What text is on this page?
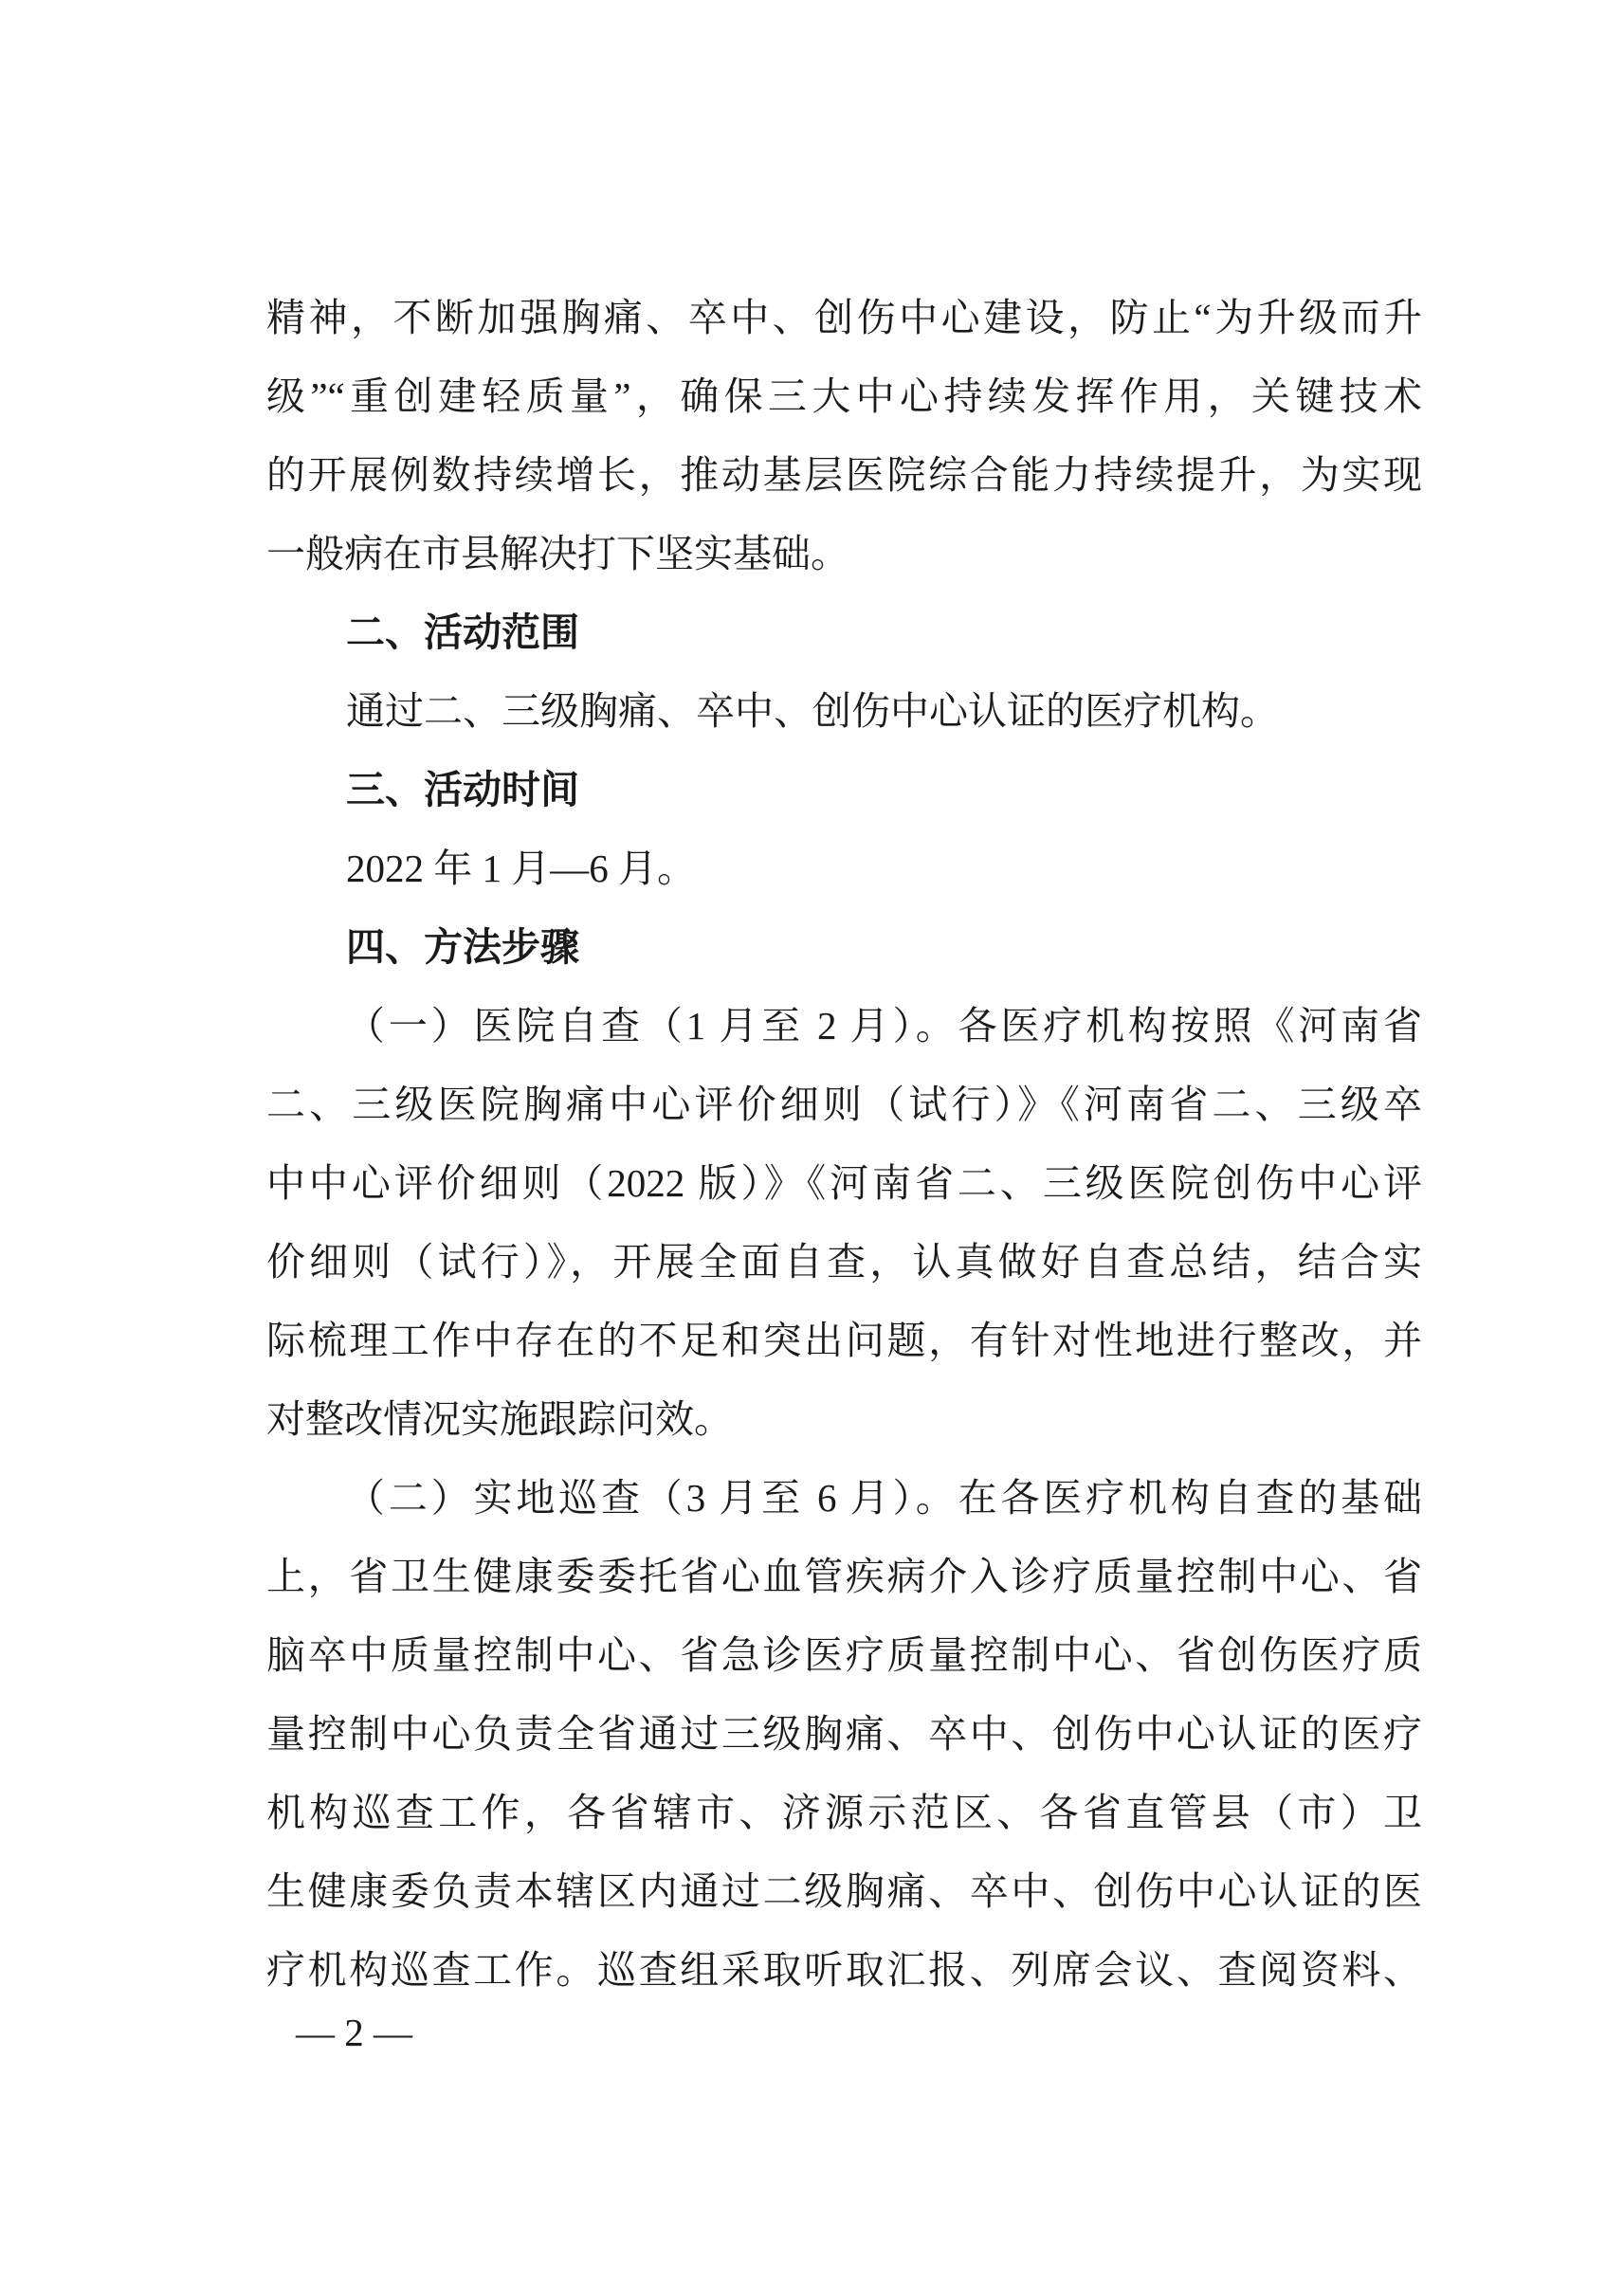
精神，不断加强胸痛、卒中、创伤中心建设，防止“为升级而升
级”“重创建轻质量”，确保三大中心持续发挥作用，关键技术
的开展例数持续增长，推动基层医院综合能力持续提升，为实现
一般病在市县解决打下坚实基础。
二、活动范围
通过二、三级胸痛、卒中、创伤中心认证的医疗机构。
三、活动时间
2022 年 1 月—6 月。
四、方法步骤
（一）医院自查（1 月至 2 月）。各医疗机构按照《河南省
二、三级医院胸痛中心评价细则（试行）》《河南省二、三级卒
中中心评价细则（2022 版）》《河南省二、三级医院创伤中心评
价细则（试行）》，开展全面自查，认真做好自查总结，结合实
际梳理工作中存在的不足和突出问题，有针对性地进行整改，并
对整改情况实施跟踪问效。
（二）实地巡查（3 月至 6 月）。在各医疗机构自查的基础
上，省卫生健康委委托省心血管疾病介入诊疗质量控制中心、省
脑卒中质量控制中心、省急诊医疗质量控制中心、省创伤医疗质
量控制中心负责全省通过三级胸痛、卒中、创伤中心认证的医疗
机构巡查工作，各省辖市、济源示范区、各省直管县（市）卫
生健康委负责本辖区内通过二级胸痛、卒中、创伤中心认证的医
疗机构巡查工作。巡查组采取听取汇报、列席会议、查阅资料、
— 2 —
